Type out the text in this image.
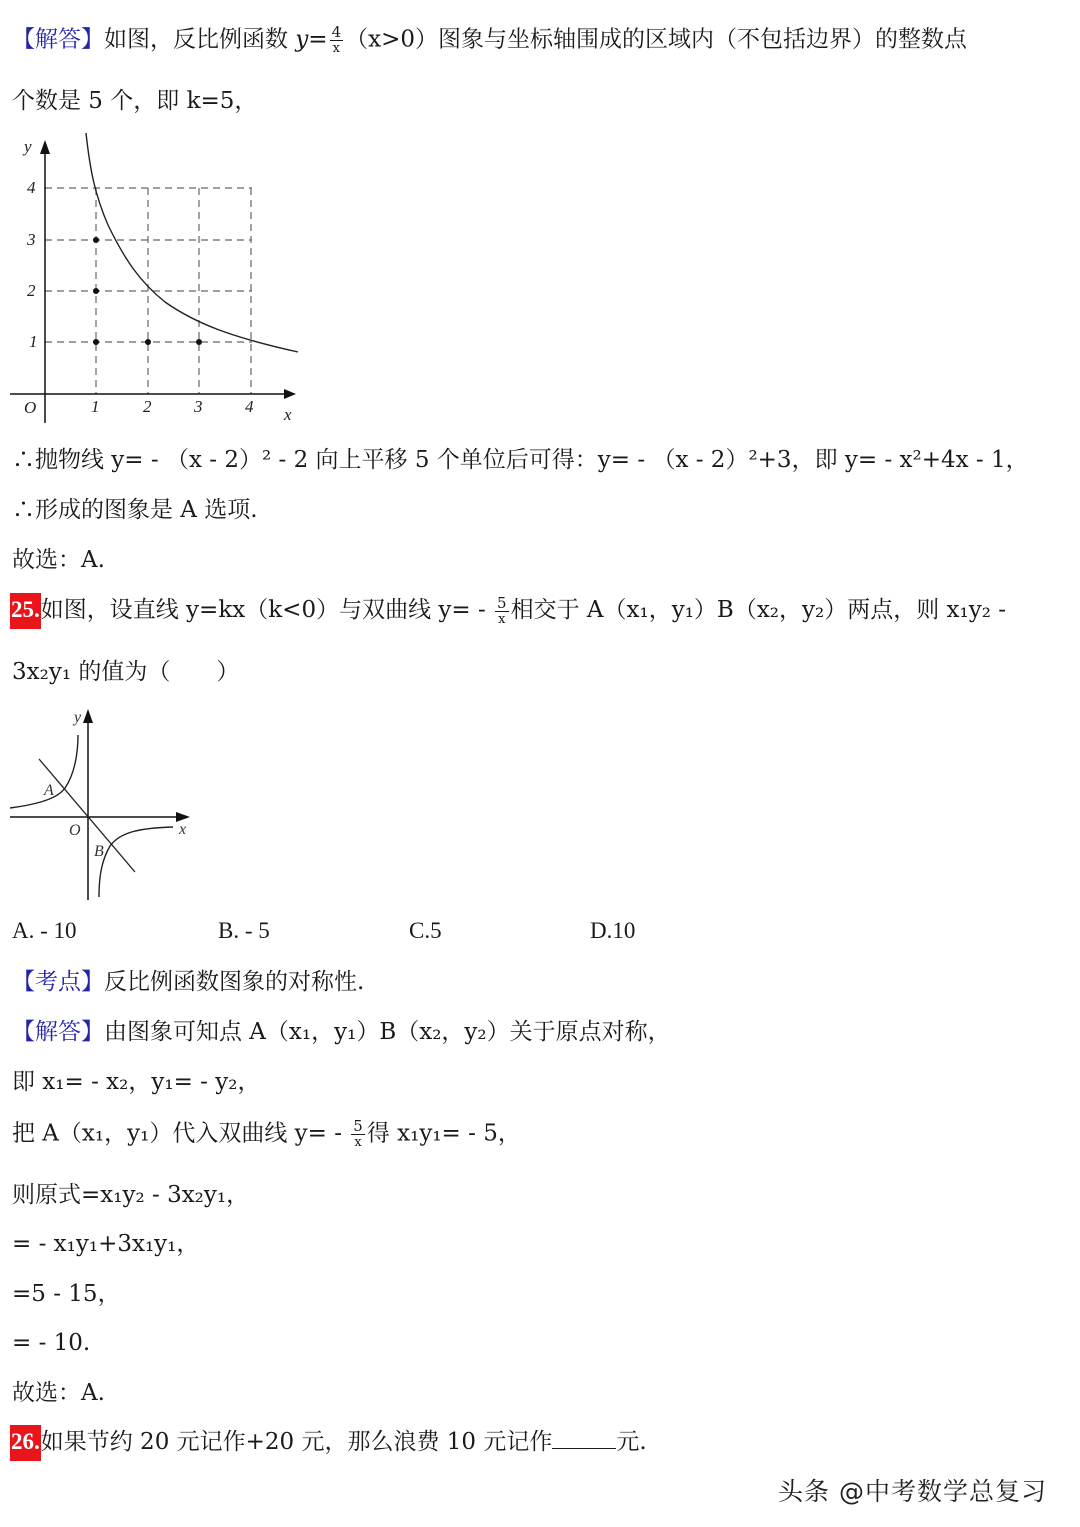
【解答】如图，反比例函数 $y= \frac{4}{x} (x>0)$图象与坐标轴围成的区域内（不包括边界）的整数点
个数是 5 个，即 k=5，
y
4
3
2
1
O	1	2	3	4 x
∴抛物线 y= - （x - 2）² - 2 向上平移 5 个单位后可得：y= - （x - 2）²+3，即 y= - x²+4x - 1，
∴形成的图象是 A 选项.
故选：A.
25.如图，设直线 y=kx（k<0）与双曲线 $y= - \frac{5}{x}$ 相交于 A（x₁，y₁）B（x₂，y₂）两点，则 x₁y₂ -
3x₂y₁ 的值为（　　）
y
A
O
B
x
A. - 10	B. - 5	C.5	D.10
【考点】反比例函数图象的对称性.
【解答】由图象可知点 A（x₁，y₁）B（x₂，y₂）关于原点对称，
即 x₁= - x₂，y₁= - y₂，
把 A（x₁，y₁）代入双曲线 $y= - \frac{5}{x}$ 得 x₁y₁= - 5，
则原式=x₁y₂ - 3x₂y₁，
= - x₁y₁+3x₁y₁，
=5 - 15，
= - 10.
故选：A.
26.如果节约 20 元记作+20 元，那么浪费 10 元记作	元.
头条 @中考数学总复习
